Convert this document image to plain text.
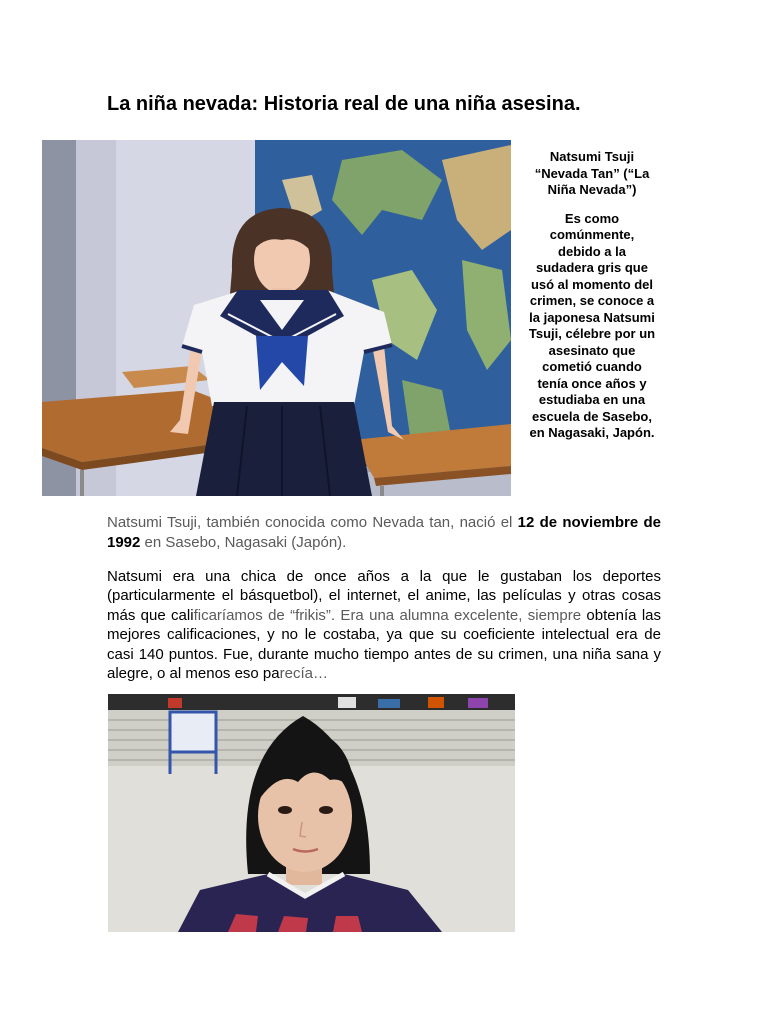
La niña nevada: Historia real de una niña asesina.
Natsumi Tsuji
“Nevada Tan” (“La
Niña Nevada”)
Es como
comúnmente,
debido a la
sudadera gris que
usó al momento del
crimen, se conoce a
la japonesa Natsumi
Tsuji, célebre por un
asesinato que
cometió cuando
tenía once años y
estudiaba en una
escuela de Sasebo,
en Nagasaki, Japón.

Natsumi Tsuji, también conocida como Nevada tan, nació el 12 de noviembre de 1992 en Sasebo, Nagasaki (Japón).

Natsumi era una chica de once años a la que le gustaban los deportes (particularmente el básquetbol), el internet, el anime, las películas y otras cosas más que calificaríamos de “frikis”. Era una alumna excelente, siempre obtenía las mejores calificaciones, y no le costaba, ya que su coeficiente intelectual era de casi 140 puntos. Fue, durante mucho tiempo antes de su crimen, una niña sana y alegre, o al menos eso parecía…
